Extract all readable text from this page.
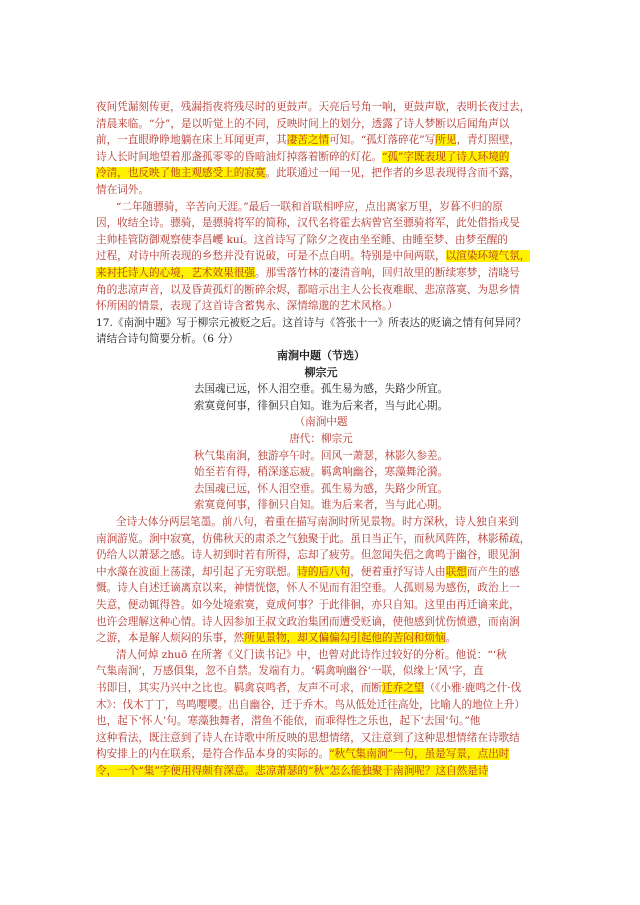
夜间凭漏刻传更，残漏指夜将残尽时的更鼓声。天亮后号角一响，更鼓声歇，表明长夜过去，
清晨来临。“分”，是以听觉上的不同，反映时间上的划分，透露了诗人梦断以后闻角声以
前，一直眼睁睁地躺在床上耳闻更声，其凄苦之情可知。“孤灯落碎花”写所见，青灯照壁，
诗人长时间地望着那盏孤零零的昏暗油灯掉落着断碎的灯花。“孤”字既表现了诗人环境的
冷清，也反映了他主观感受上的寂寞。此联通过一闻一见，把作者的乡思表现得含而不露，
情在词外。
“二年随骠骑，辛苦向天涯。”最后一联和首联相呼应，点出离家万里，岁暮不归的原
因，收结全诗。骠骑，是骠骑将军的简称，汉代名将霍去病曾官至骠骑将军，此处借指戎旻
主帅桂管防御观察使李昌巎 kuí。这首诗写了除夕之夜由坐至睡、由睡至梦、由梦至醒的
过程，对诗中所表现的乡愁并没有说破，可是不点自明。特别是中间两联，以渲染环境气氛，
来衬托诗人的心境，艺术效果很强。那雪落竹林的凄清音响，回归故里的断续寒梦，清晓号
角的悲凉声音，以及昏黄孤灯的断碎余烬，都暗示出主人公长夜难眠、悲凉落寞、为思乡情
怀所困的情景，表现了这首诗含蓄隽永、深情绵邈的艺术风格。）
17.《南涧中题》写于柳宗元被贬之后。这首诗与《答张十一》所表达的贬谪之情有何异同？
请结合诗句简要分析。（6 分）
南涧中题（节选）
柳宗元
去国魂已远，怀人泪空垂。孤生易为感，失路少所宜。
索寞竟何事，徘徊只自知。谁为后来者，当与此心期。
（南涧中题
唐代：柳宗元
秋气集南涧，独游亭午时。回风一萧瑟，林影久参差。
始至若有得，稍深遂忘疲。羁禽响幽谷，寒藻舞沦漪。
去国魂已远，怀人泪空垂。孤生易为感，失路少所宜。
索寞竟何事，徘徊只自知。谁为后来者，当与此心期。
全诗大体分两层笔墨。前八句，着重在描写南涧时所见景物。时方深秋，诗人独自来到
南涧游览。涧中寂寞，仿佛秋天的肃杀之气独聚于此。虽日当正午，而秋风阵阵，林影稀疏，
仍给人以萧瑟之感。诗人初到时若有所得，忘却了疲劳。但忽闻失侣之禽鸣于幽谷，眼见涧
中水藻在波面上荡漾，却引起了无穷联想。诗的后八句，便着重抒写诗人由联想而产生的感
慨。诗人自述迁谪离京以来，神情恍惚，怀人不见而有泪空垂。人孤则易为感伤，政治上一
失意，便动辄得咎。如今处境索寞，竟成何事？于此徘徊，亦只自知。这里由再迁谪来此，
也许会理解这种心情。诗人因参加王叔文政治集团而遭受贬谪，使他感到忧伤愤懑，而南涧
之游，本是解人烦闷的乐事，然所见景物，却又偏偏勾引起他的苦闷和烦恼。
清人何焯 zhuō 在所著《义门读书记》中，也曾对此诗作过较好的分析。他说：“‘秋
气集南涧’，万感俱集，忽不自禁。发端有力。‘羁禽响幽谷’一联，似缘上‘风’字，直
书即目，其实乃兴中之比也。羁禽哀鸣者，友声不可求，而断迁乔之望（《小雅·鹿鸣之什·伐
木》：伐木丁丁，鸟鸣嘤嘤。出自幽谷，迁于乔木。鸟从低处迁往高处，比喻人的地位上升）
也，起下‘怀人’句。寒藻独舞者，潜鱼不能依，而乖得性之乐也，起下‘去国’句。”他
这种看法，既注意到了诗人在诗歌中所反映的思想情绪，又注意到了这种思想情绪在诗歌结
构安排上的内在联系，是符合作品本身的实际的。“秋气集南涧”一句，虽是写景，点出时
令，一个“集”字便用得颇有深意。悲凉萧瑟的“秋”怎么能独聚于南涧呢？这自然是诗
